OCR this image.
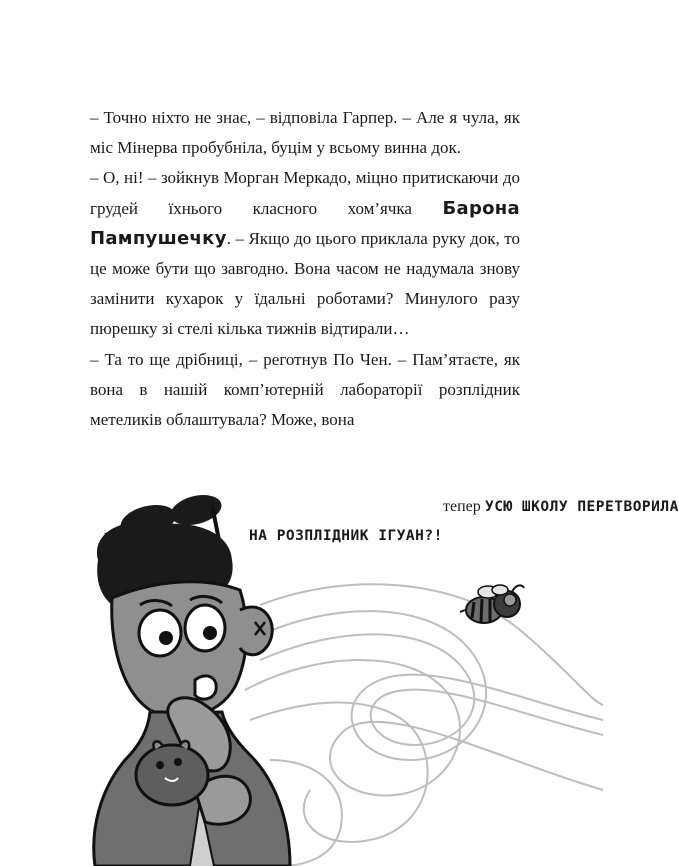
– Точно ніхто не знає, – відповіла Гарпер. – Але я чула, як міс Мінерва пробубніла, буцім у всьому винна док.

– О, ні! – зойкнув Морган Меркадо, міцно притискаючи до грудей їхнього класного хом’ячка Барона Пампушечку. – Якщо до цього приклала руку док, то це може бути що завгодно. Вона часом не надумала знову замінити кухарок у їдальні роботами? Минулого разу пюрешку зі стелі кілька тижнів відтирали…

– Та то ще дрібниці, – реготнув По Чен. – Пам’ятаєте, як вона в нашій комп’ютерній лабораторії розплідник метеликів облаштувала? Може, вона

тепер УСЮ ШКОЛУ ПЕРЕТВОРИЛА
НА РОЗПЛІДНИК ІГУАН?!
